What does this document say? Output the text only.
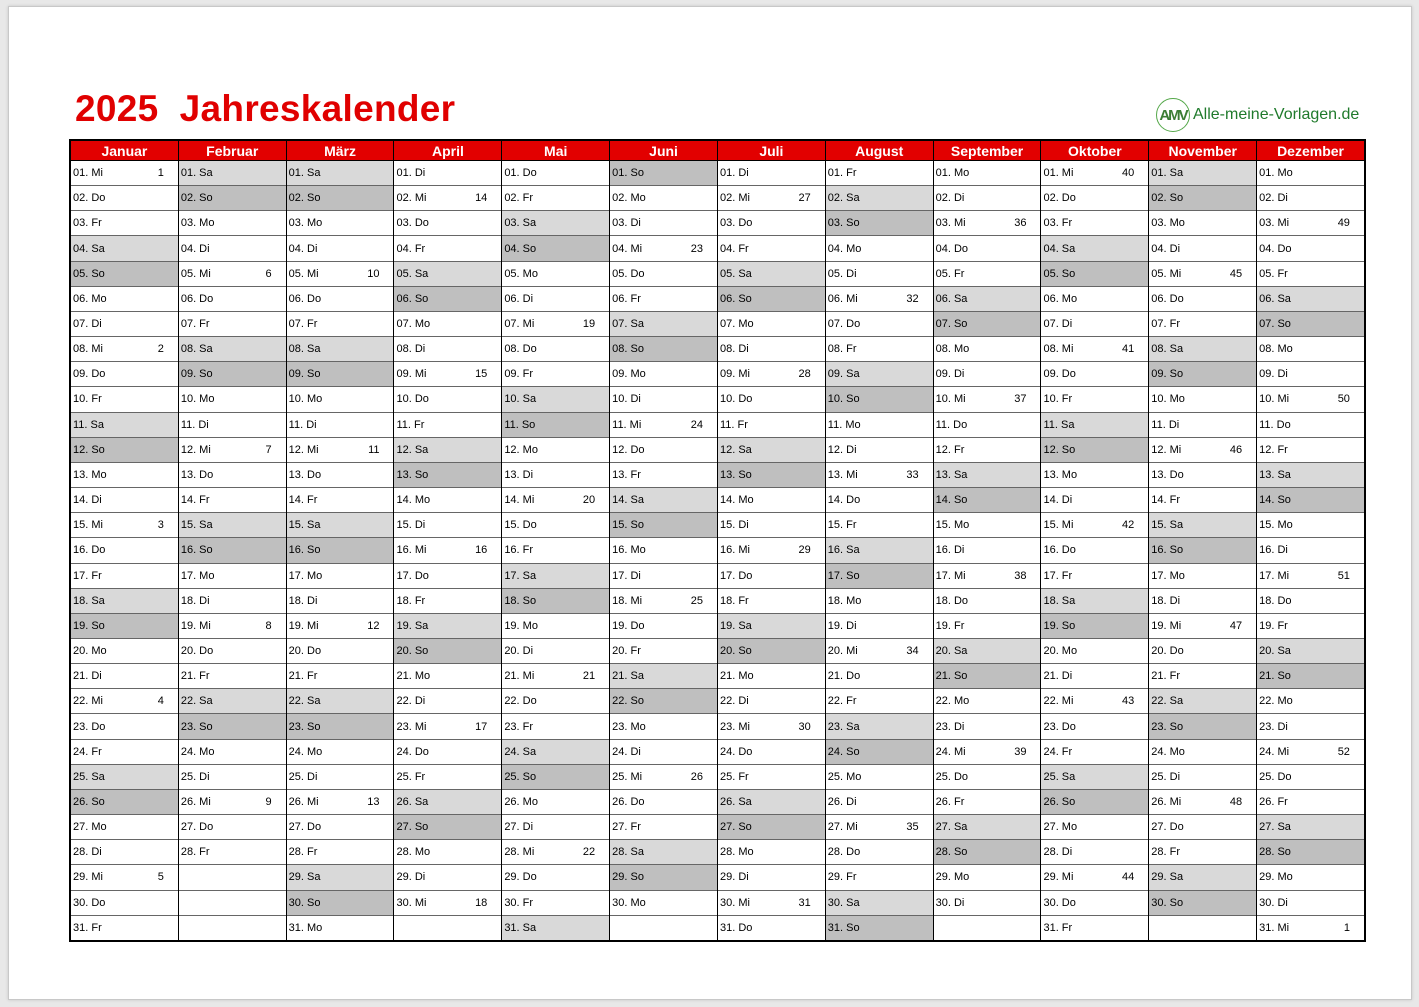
2025  Jahreskalender	AMV Alle-meine-Vorlagen.de
Januar
01. Mi	1
02. Do
03. Fr
04. Sa
05. So
06. Mo
07. Di
08. Mi	2
09. Do
10. Fr
11. Sa
12. So
13. Mo
14. Di
15. Mi	3
16. Do
17. Fr
18. Sa
19. So
20. Mo
21. Di
22. Mi	4
23. Do
24. Fr
25. Sa
26. So
27. Mo
28. Di
29. Mi	5
30. Do
31. Fr
Februar
01. Sa
02. So
03. Mo
04. Di
05. Mi	6
06. Do
07. Fr
08. Sa
09. So
10. Mo
11. Di
12. Mi	7
13. Do
14. Fr
15. Sa
16. So
17. Mo
18. Di
19. Mi	8
20. Do
21. Fr
22. Sa
23. So
24. Mo
25. Di
26. Mi	9
27. Do
28. Fr
März
01. Sa
02. So
03. Mo
04. Di
05. Mi	10
06. Do
07. Fr
08. Sa
09. So
10. Mo
11. Di
12. Mi	11
13. Do
14. Fr
15. Sa
16. So
17. Mo
18. Di
19. Mi	12
20. Do
21. Fr
22. Sa
23. So
24. Mo
25. Di
26. Mi	13
27. Do
28. Fr
29. Sa
30. So
31. Mo
April
01. Di
02. Mi	14
03. Do
04. Fr
05. Sa
06. So
07. Mo
08. Di
09. Mi	15
10. Do
11. Fr
12. Sa
13. So
14. Mo
15. Di
16. Mi	16
17. Do
18. Fr
19. Sa
20. So
21. Mo
22. Di
23. Mi	17
24. Do
25. Fr
26. Sa
27. So
28. Mo
29. Di
30. Mi	18
Mai
01. Do
02. Fr
03. Sa
04. So
05. Mo
06. Di
07. Mi	19
08. Do
09. Fr
10. Sa
11. So
12. Mo
13. Di
14. Mi	20
15. Do
16. Fr
17. Sa
18. So
19. Mo
20. Di
21. Mi	21
22. Do
23. Fr
24. Sa
25. So
26. Mo
27. Di
28. Mi	22
29. Do
30. Fr
31. Sa
Juni
01. So
02. Mo
03. Di
04. Mi	23
05. Do
06. Fr
07. Sa
08. So
09. Mo
10. Di
11. Mi	24
12. Do
13. Fr
14. Sa
15. So
16. Mo
17. Di
18. Mi	25
19. Do
20. Fr
21. Sa
22. So
23. Mo
24. Di
25. Mi	26
26. Do
27. Fr
28. Sa
29. So
30. Mo
Juli
01. Di
02. Mi	27
03. Do
04. Fr
05. Sa
06. So
07. Mo
08. Di
09. Mi	28
10. Do
11. Fr
12. Sa
13. So
14. Mo
15. Di
16. Mi	29
17. Do
18. Fr
19. Sa
20. So
21. Mo
22. Di
23. Mi	30
24. Do
25. Fr
26. Sa
27. So
28. Mo
29. Di
30. Mi	31
31. Do
August
01. Fr
02. Sa
03. So
04. Mo
05. Di
06. Mi	32
07. Do
08. Fr
09. Sa
10. So
11. Mo
12. Di
13. Mi	33
14. Do
15. Fr
16. Sa
17. So
18. Mo
19. Di
20. Mi	34
21. Do
22. Fr
23. Sa
24. So
25. Mo
26. Di
27. Mi	35
28. Do
29. Fr
30. Sa
31. So
September
01. Mo
02. Di
03. Mi	36
04. Do
05. Fr
06. Sa
07. So
08. Mo
09. Di
10. Mi	37
11. Do
12. Fr
13. Sa
14. So
15. Mo
16. Di
17. Mi	38
18. Do
19. Fr
20. Sa
21. So
22. Mo
23. Di
24. Mi	39
25. Do
26. Fr
27. Sa
28. So
29. Mo
30. Di
Oktober
01. Mi	40
02. Do
03. Fr
04. Sa
05. So
06. Mo
07. Di
08. Mi	41
09. Do
10. Fr
11. Sa
12. So
13. Mo
14. Di
15. Mi	42
16. Do
17. Fr
18. Sa
19. So
20. Mo
21. Di
22. Mi	43
23. Do
24. Fr
25. Sa
26. So
27. Mo
28. Di
29. Mi	44
30. Do
31. Fr
November
01. Sa
02. So
03. Mo
04. Di
05. Mi	45
06. Do
07. Fr
08. Sa
09. So
10. Mo
11. Di
12. Mi	46
13. Do
14. Fr
15. Sa
16. So
17. Mo
18. Di
19. Mi	47
20. Do
21. Fr
22. Sa
23. So
24. Mo
25. Di
26. Mi	48
27. Do
28. Fr
29. Sa
30. So
Dezember
01. Mo
02. Di
03. Mi	49
04. Do
05. Fr
06. Sa
07. So
08. Mo
09. Di
10. Mi	50
11. Do
12. Fr
13. Sa
14. So
15. Mo
16. Di
17. Mi	51
18. Do
19. Fr
20. Sa
21. So
22. Mo
23. Di
24. Mi	52
25. Do
26. Fr
27. Sa
28. So
29. Mo
30. Di
31. Mi	1
